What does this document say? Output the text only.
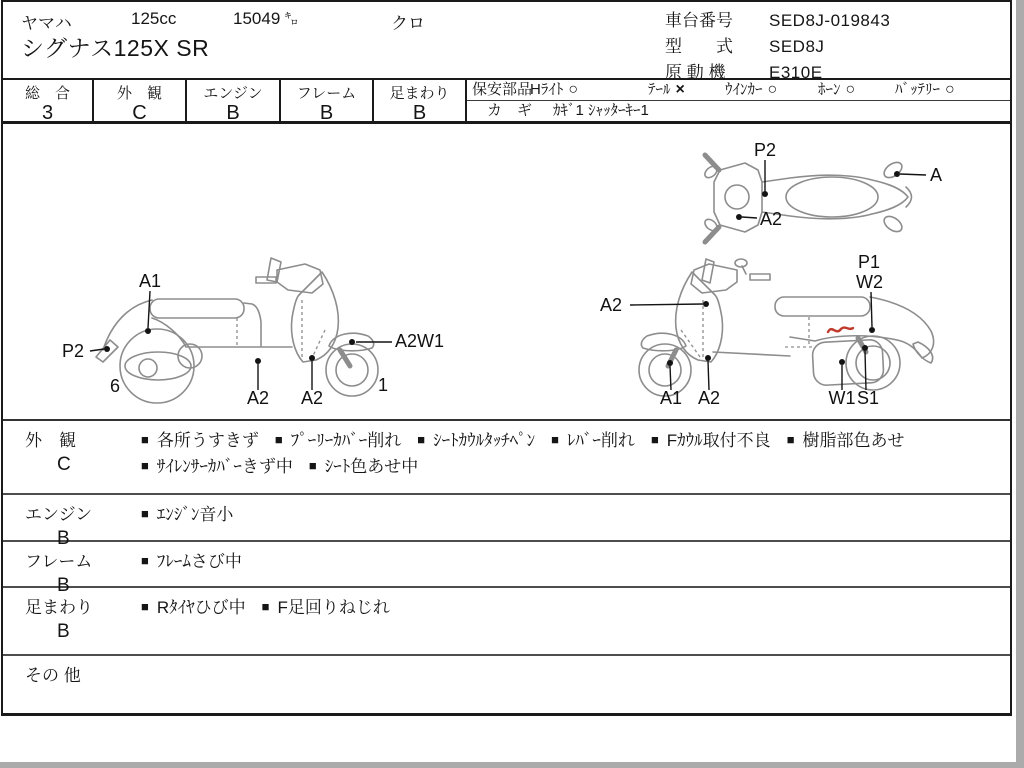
ヤマハ	125cc	15049 ㌔	クロ
シグナス125X SR
車台番号	SED8J-019843
型　　式	SED8J
原 動 機	E310E
総　合
3
外　観
C
エンジン
B
フレーム
B
足まわり
B
保安部品
Hﾗｲﾄ ○	ﾃｰﾙ ×	ｳｲﾝｶｰ ○	ﾎｰﾝ ○	ﾊﾞｯﾃﾘｰ ○
カ　ギ ｶｷﾞ1 ｼｬｯﾀｰｷｰ1
P2
A
A2
A1
P2
6
A2 A2
A2W1
1
A2
P1
W2
A1 A2	W1 S1
外　観
C
■ 各所うすきず ■ ﾌﾟｰﾘｰｶﾊﾞｰ削れ ■ ｼｰﾄｶｳﾙﾀｯﾁﾍﾟﾝ ■ ﾚﾊﾞｰ削れ ■ Fｶｳﾙ取付不良 ■ 樹脂部色あせ■ ｻｲﾚﾝｻｰｶﾊﾞｰきず中 ■ ｼｰﾄ色あせ中
エンジン
B
■ ｴﾝｼﾞﾝ音小
フレーム
B
■ ﾌﾚｰﾑさび中
足まわり
B
■ Rﾀｲﾔひび中 ■ F足回りねじれ
その 他
